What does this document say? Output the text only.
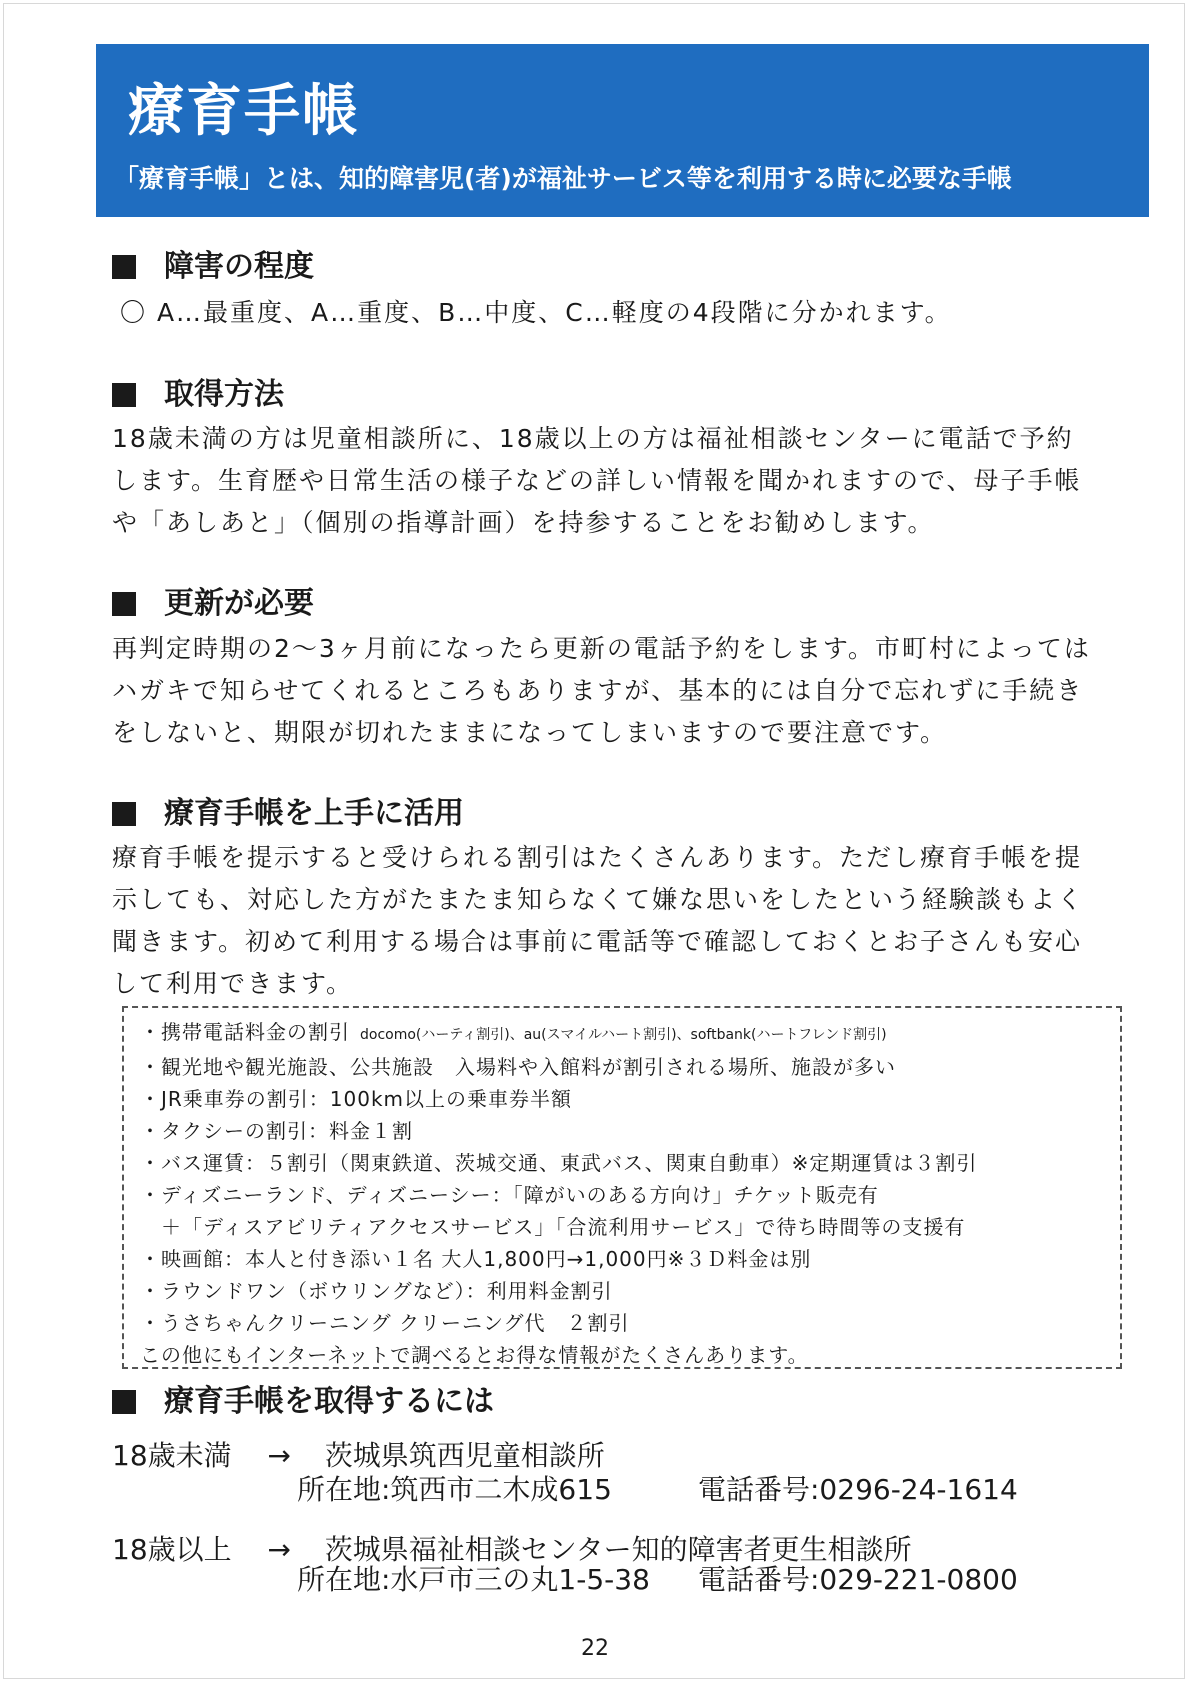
療育手帳
「療育手帳」とは、知的障害児(者)が福祉サービス等を利用する時に必要な手帳
障害の程度
〇 A…最重度、A…重度、B…中度、C…軽度の4段階に分かれます。
取得方法
18歳未満の方は児童相談所に、18歳以上の方は福祉相談センターに電話で予約
します。生育歴や日常生活の様子などの詳しい情報を聞かれますので、母子手帳
や「あしあと」（個別の指導計画）を持参することをお勧めします。
更新が必要
再判定時期の2～3ヶ月前になったら更新の電話予約をします。市町村によっては
ハガキで知らせてくれるところもありますが、基本的には自分で忘れずに手続き
をしないと、期限が切れたままになってしまいますので要注意です。
療育手帳を上手に活用
療育手帳を提示すると受けられる割引はたくさんあります。ただし療育手帳を提
示しても、対応した方がたまたま知らなくて嫌な思いをしたという経験談もよく
聞きます。初めて利用する場合は事前に電話等で確認しておくとお子さんも安心
して利用できます。
・携帯電話料金の割引 docomo(ハーティ割引)、au(スマイルハート割引)、softbank(ハートフレンド割引)
・観光地や観光施設、公共施設　入場料や入館料が割引される場所、施設が多い
・JR乗車券の割引：100km以上の乗車券半額
・タクシーの割引：料金１割
・バス運賃：５割引（関東鉄道、茨城交通、東武バス、関東自動車）※定期運賃は３割引
・ディズニーランド、ディズニーシー：「障がいのある方向け」チケット販売有
　＋「ディスアビリティアクセスサービス」「合流利用サービス」で待ち時間等の支援有
・映画館：本人と付き添い１名 大人1,800円→1,000円※３Ｄ料金は別
・ラウンドワン（ボウリングなど）：利用料金割引
・うさちゃんクリーニング クリーニング代　２割引
この他にもインターネットで調べるとお得な情報がたくさんあります。
療育手帳を取得するには
18歳未満 → 茨城県筑西児童相談所
所在地:筑西市二木成615	電話番号:0296-24-1614
18歳以上 → 茨城県福祉相談センター知的障害者更生相談所
所在地:水戸市三の丸1-5-38 電話番号:029-221-0800
22
